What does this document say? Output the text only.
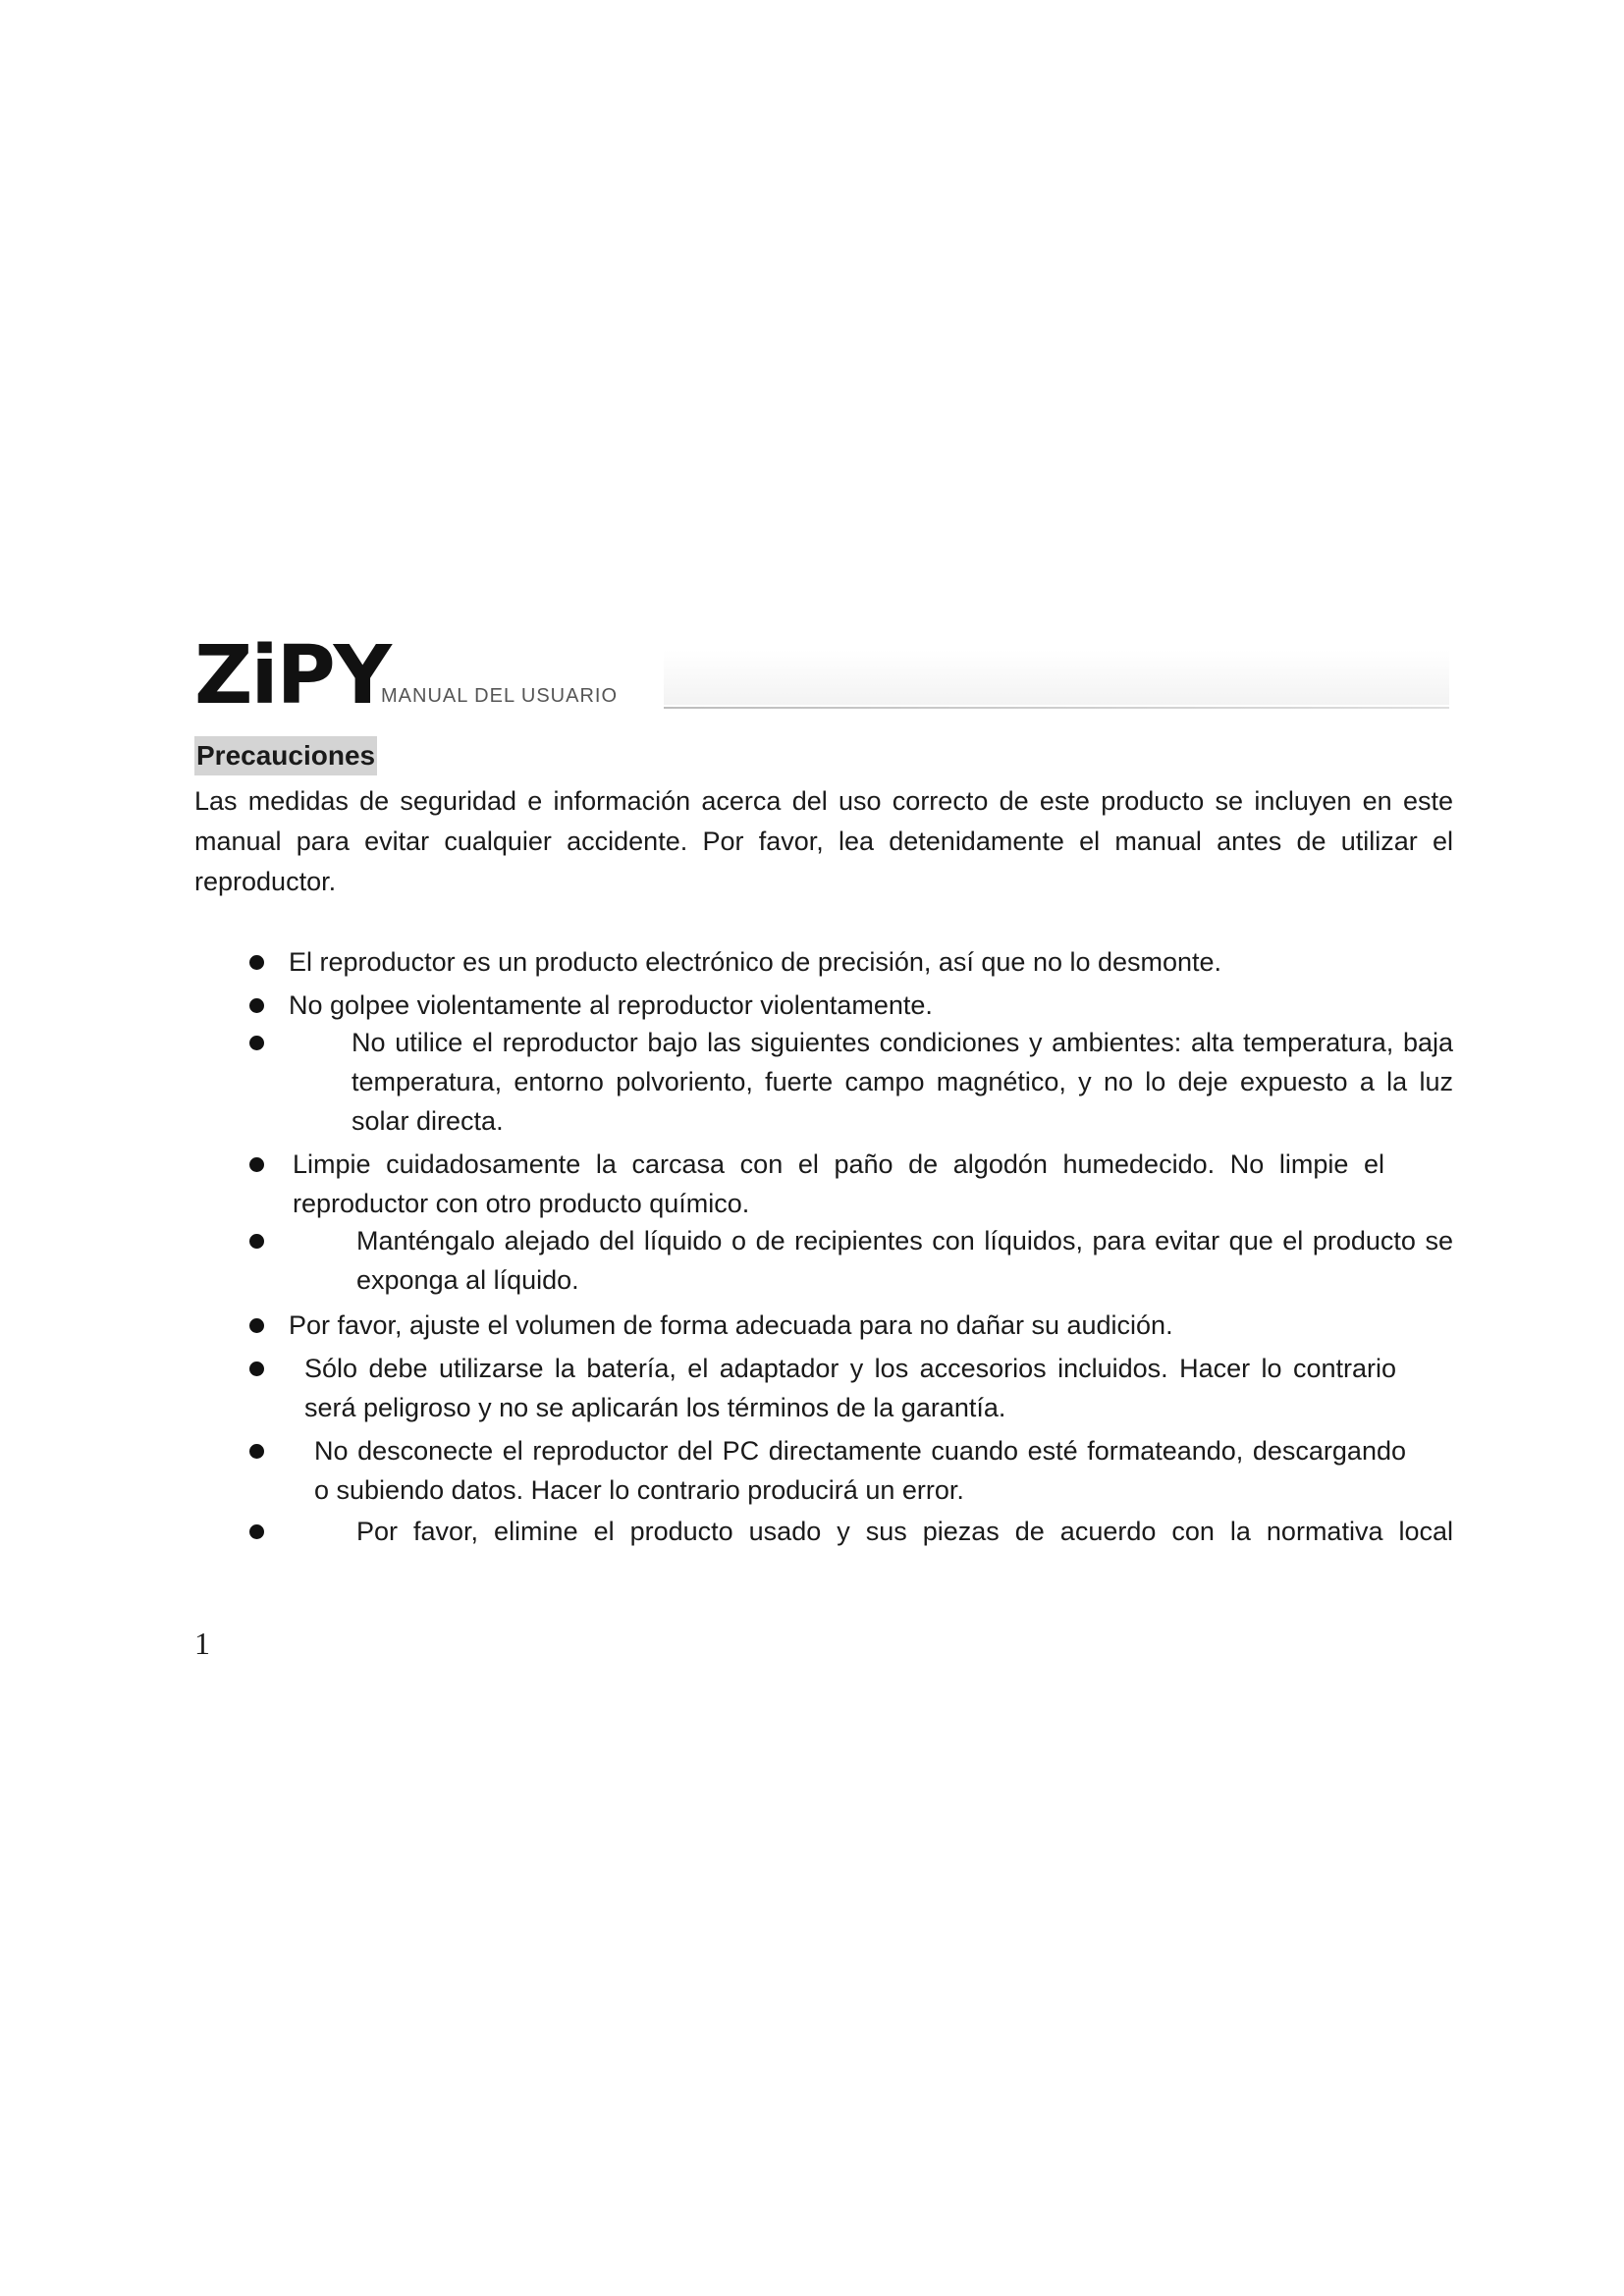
ZiPY
MANUAL DEL USUARIO
Precauciones

Las medidas de seguridad e información acerca del uso correcto de este producto se incluyen en este manual para evitar cualquier accidente. Por favor, lea detenidamente el manual antes de utilizar el reproductor.

El reproductor es un producto electrónico de precisión, así que no lo desmonte.
No golpee violentamente al reproductor violentamente.
No utilice el reproductor bajo las siguientes condiciones y ambientes: alta temperatura, baja temperatura, entorno polvoriento, fuerte campo magnético, y no lo deje expuesto a la luz solar directa.
Limpie cuidadosamente la carcasa con el paño de algodón humedecido. No limpie el reproductor con otro producto químico.
Manténgalo alejado del líquido o de recipientes con líquidos, para evitar que el producto se exponga al líquido.
Por favor, ajuste el volumen de forma adecuada para no dañar su audición.
Sólo debe utilizarse la batería, el adaptador y los accesorios incluidos. Hacer lo contrario será peligroso y no se aplicarán los términos de la garantía.
No desconecte el reproductor del PC directamente cuando esté formateando, descargando o subiendo datos. Hacer lo contrario producirá un error.
Por favor, elimine el producto usado y sus piezas de acuerdo con la normativa local
1
